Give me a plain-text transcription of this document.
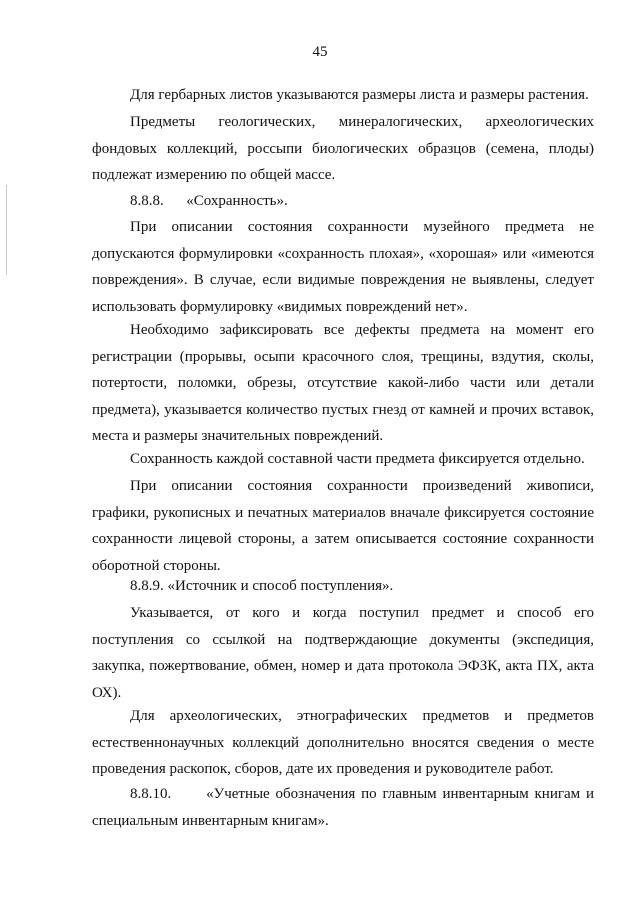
45
Для гербарных листов указываются размеры листа и размеры растения.
Предметы геологических, минералогических, археологических
фондовых коллекций, россыпи биологических образцов (семена, плоды)
подлежат измерению по общей массе.
8.8.8.      «Сохранность».
При описании состояния сохранности музейного предмета не
допускаются формулировки «сохранность плохая», «хорошая» или «имеются
повреждения». В случае, если видимые повреждения не выявлены, следует
использовать формулировку «видимых повреждений нет».
Необходимо зафиксировать все дефекты предмета на момент его
регистрации (прорывы, осыпи красочного слоя, трещины, вздутия, сколы,
потертости, поломки, обрезы, отсутствие какой-либо части или детали
предмета), указывается количество пустых гнезд от камней и прочих вставок,
места и размеры значительных повреждений.
Сохранность каждой составной части предмета фиксируется отдельно.
При описании состояния сохранности произведений живописи,
графики, рукописных и печатных материалов вначале фиксируется состояние
сохранности лицевой стороны, а затем описывается состояние сохранности
оборотной стороны.
8.8.9. «Источник и способ поступления».
Указывается, от кого и когда поступил предмет и способ его
поступления со ссылкой на подтверждающие документы (экспедиция,
закупка, пожертвование, обмен, номер и дата протокола ЭФЗК, акта ПХ, акта
ОХ).
Для археологических, этнографических предметов и предметов
естественнонаучных коллекций дополнительно вносятся сведения о месте
проведения раскопок, сборов, дате их проведения и руководителе работ.
8.8.10.      «Учетные обозначения по главным инвентарным книгам и
специальным инвентарным книгам».
